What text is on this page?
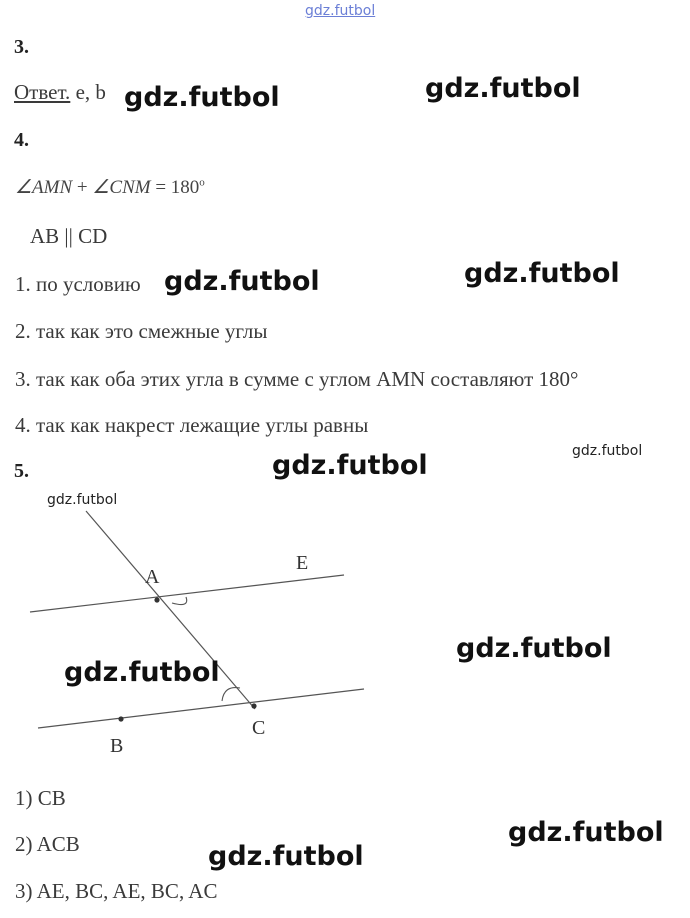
gdz.futbol
3.
Ответ. e, b gdz.futbol	gdz.futbol
4.
∠AMN + ∠CNM = $180^o$
AB || CD
1. по условию gdz.futbol	gdz.futbol
2. так как это смежные углы
3. так как оба этих угла в сумме с углом AMN составляют 180°
4. так как накрест лежащие углы равны
5.	gdz.futbol	gdz.futbol
gdz.futbol
A
E
B
C
gdz.futbol
gdz.futbol
1) CB
2) ACB
3) AE, BC, AE, BC, AC
gdz.futbol
gdz.futbol
